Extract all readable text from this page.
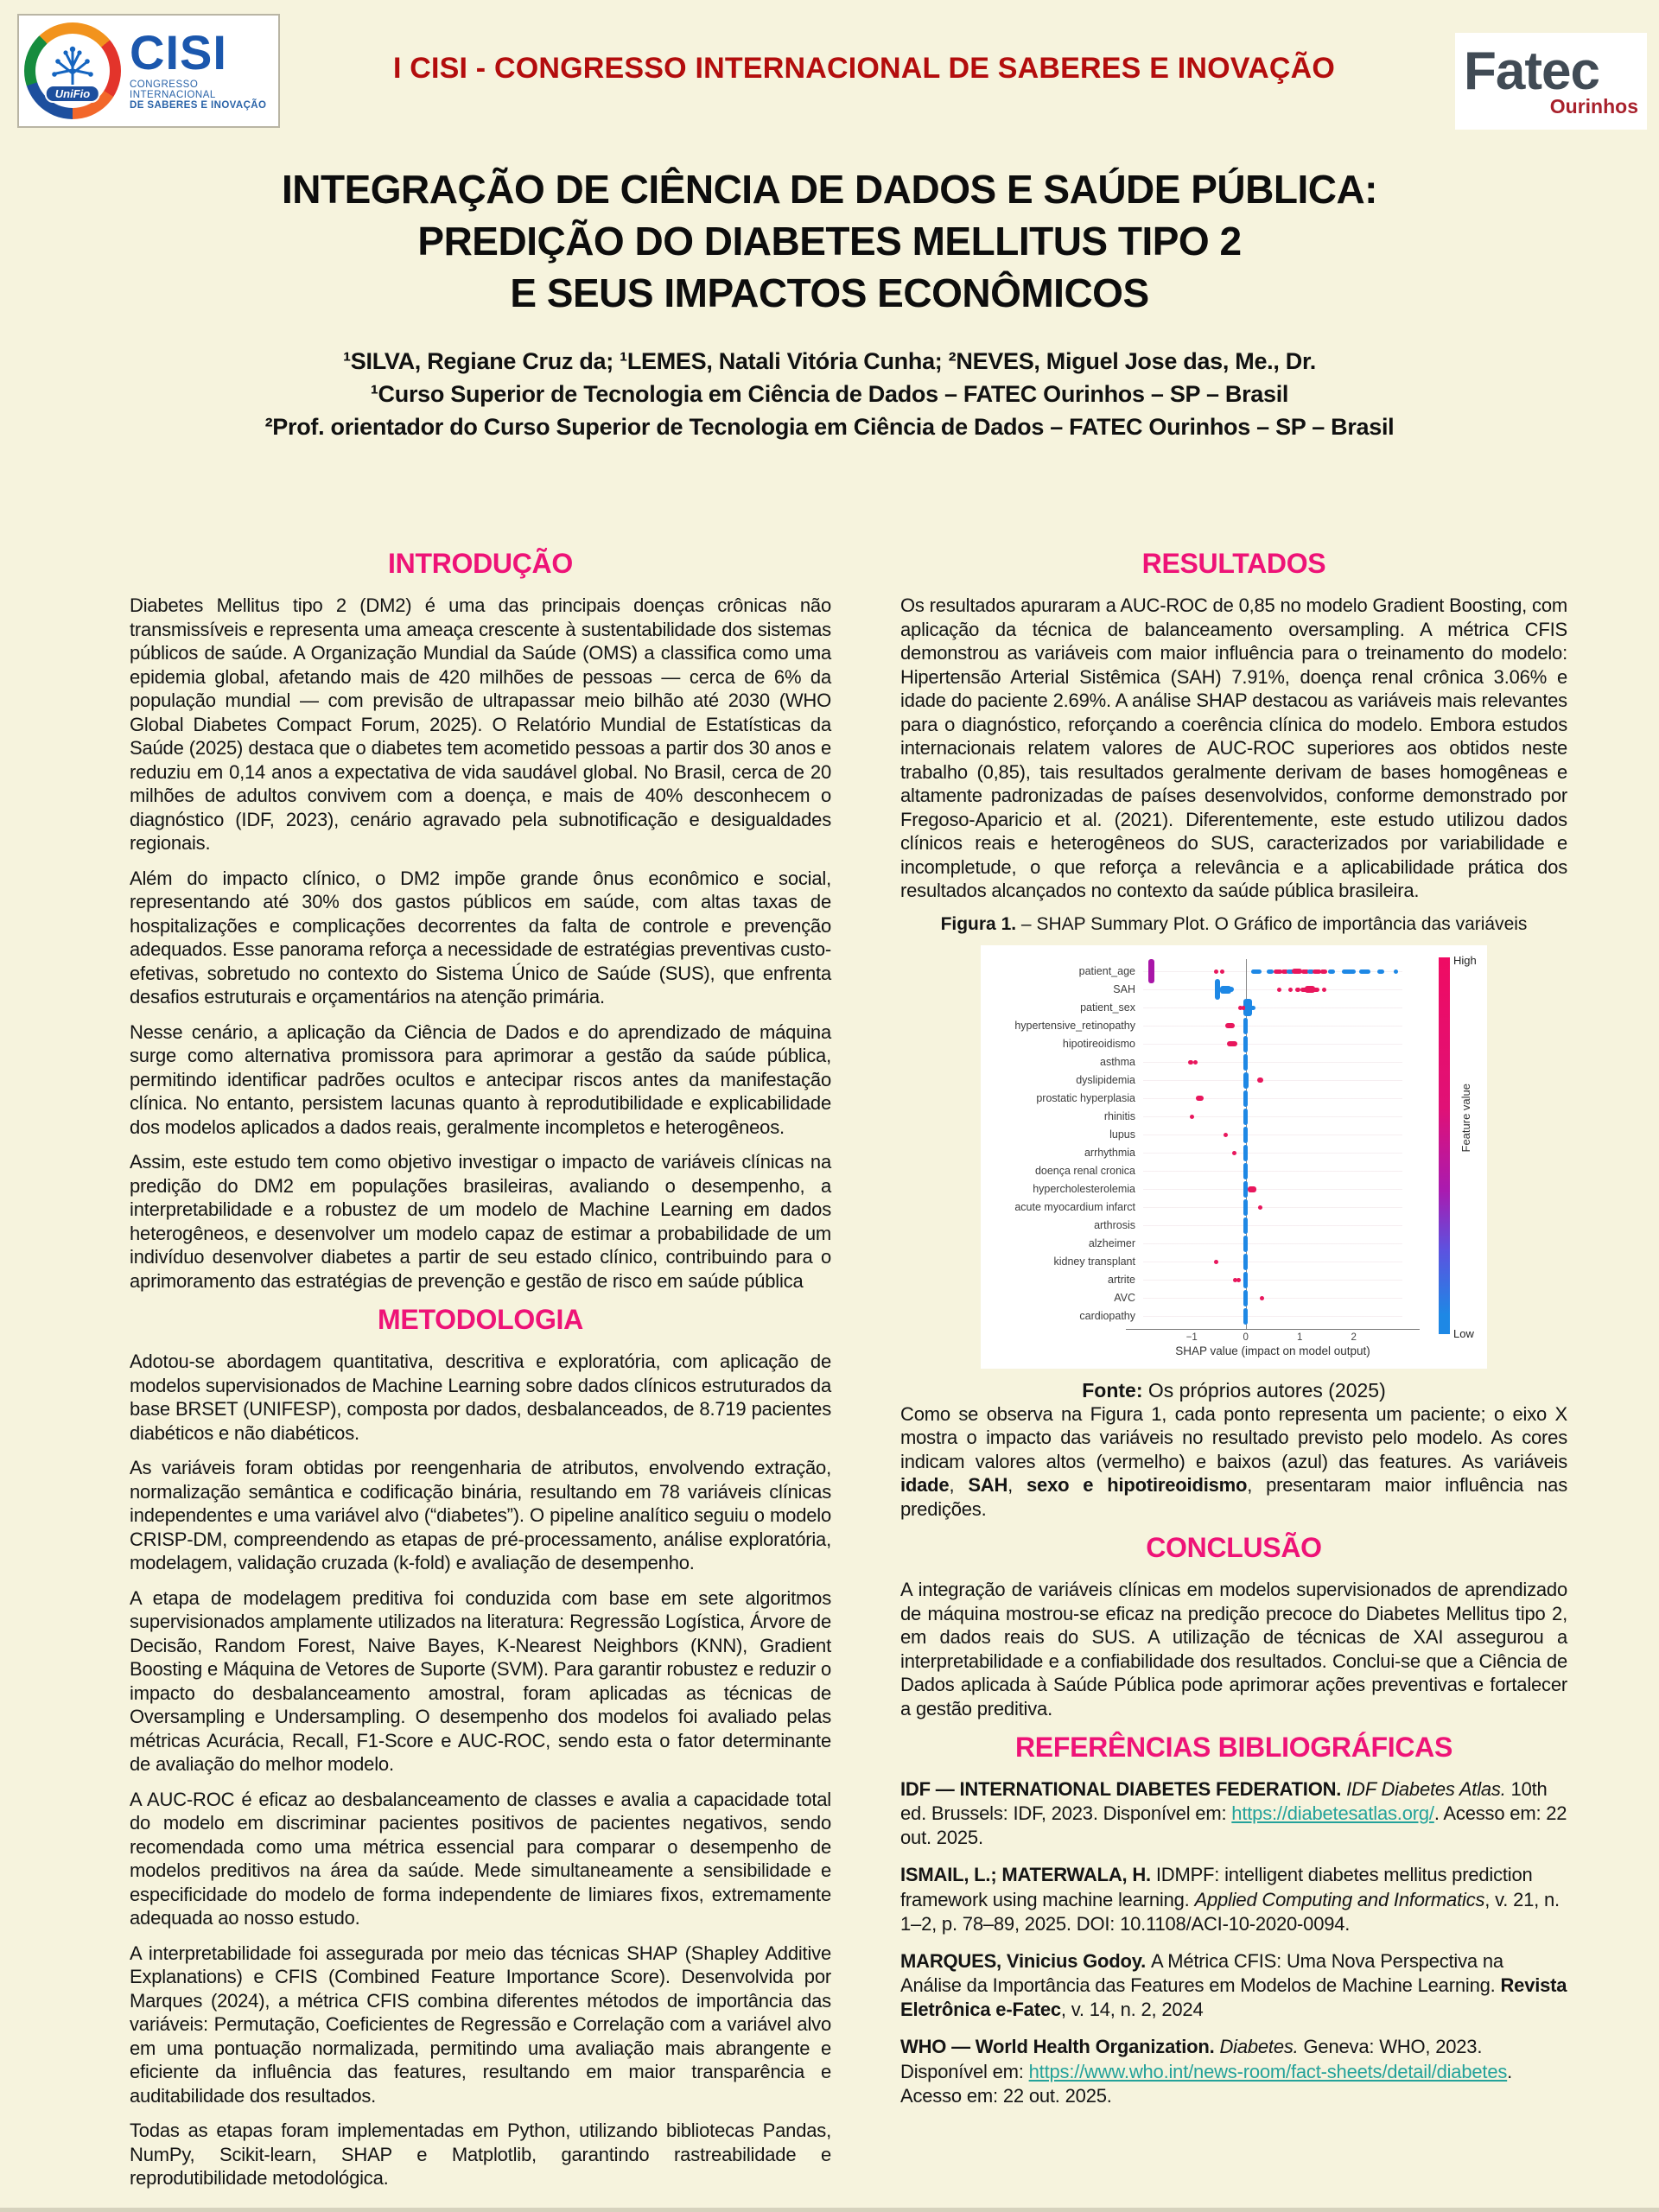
UniFio
CISI
CONGRESSO INTERNACIONAL
DE SABERES E INOVAÇÃO
I CISI - CONGRESSO INTERNACIONAL DE SABERES E INOVAÇÃO	Fatec
Ourinhos
INTEGRAÇÃO DE CIÊNCIA DE DADOS E SAÚDE PÚBLICA:
PREDIÇÃO DO DIABETES MELLITUS TIPO 2
E SEUS IMPACTOS ECONÔMICOS
¹SILVA, Regiane Cruz da; ¹LEMES, Natali Vitória Cunha; ²NEVES, Miguel Jose das, Me., Dr.
¹Curso Superior de Tecnologia em Ciência de Dados – FATEC Ourinhos – SP – Brasil
²Prof. orientador do Curso Superior de Tecnologia em Ciência de Dados – FATEC Ourinhos – SP – Brasil
INTRODUÇÃO

Diabetes Mellitus tipo 2 (DM2) é uma das principais doenças crônicas não transmissíveis e representa uma ameaça crescente à sustentabilidade dos sistemas públicos de saúde. A Organização Mundial da Saúde (OMS) a classifica como uma epidemia global, afetando mais de 420 milhões de pessoas — cerca de 6% da população mundial — com previsão de ultrapassar meio bilhão até 2030 (WHO Global Diabetes Compact Forum, 2025). O Relatório Mundial de Estatísticas da Saúde (2025) destaca que o diabetes tem acometido pessoas a partir dos 30 anos e reduziu em 0,14 anos a expectativa de vida saudável global. No Brasil, cerca de 20 milhões de adultos convivem com a doença, e mais de 40% desconhecem o diagnóstico (IDF, 2023), cenário agravado pela subnotificação e desigualdades regionais.

Além do impacto clínico, o DM2 impõe grande ônus econômico e social, representando até 30% dos gastos públicos em saúde, com altas taxas de hospitalizações e complicações decorrentes da falta de controle e prevenção adequados. Esse panorama reforça a necessidade de estratégias preventivas custo-efetivas, sobretudo no contexto do Sistema Único de Saúde (SUS), que enfrenta desafios estruturais e orçamentários na atenção primária.

Nesse cenário, a aplicação da Ciência de Dados e do aprendizado de máquina surge como alternativa promissora para aprimorar a gestão da saúde pública, permitindo identificar padrões ocultos e antecipar riscos antes da manifestação clínica. No entanto, persistem lacunas quanto à reprodutibilidade e explicabilidade dos modelos aplicados a dados reais, geralmente incompletos e heterogêneos.

Assim, este estudo tem como objetivo investigar o impacto de variáveis clínicas na predição do DM2 em populações brasileiras, avaliando o desempenho, a interpretabilidade e a robustez de um modelo de Machine Learning em dados heterogêneos, e desenvolver um modelo capaz de estimar a probabilidade de um indivíduo desenvolver diabetes a partir de seu estado clínico, contribuindo para o aprimoramento das estratégias de prevenção e gestão de risco em saúde pública

METODOLOGIA

Adotou-se abordagem quantitativa, descritiva e exploratória, com aplicação de modelos supervisionados de Machine Learning sobre dados clínicos estruturados da base BRSET (UNIFESP), composta por dados, desbalanceados, de 8.719 pacientes diabéticos e não diabéticos.

As variáveis foram obtidas por reengenharia de atributos, envolvendo extração, normalização semântica e codificação binária, resultando em 78 variáveis clínicas independentes e uma variável alvo (“diabetes”). O pipeline analítico seguiu o modelo CRISP-DM, compreendendo as etapas de pré-processamento, análise exploratória, modelagem, validação cruzada (k-fold) e avaliação de desempenho.

A etapa de modelagem preditiva foi conduzida com base em sete algoritmos supervisionados amplamente utilizados na literatura: Regressão Logística, Árvore de Decisão, Random Forest, Naive Bayes, K-Nearest Neighbors (KNN), Gradient Boosting e Máquina de Vetores de Suporte (SVM). Para garantir robustez e reduzir o impacto do desbalanceamento amostral, foram aplicadas as técnicas de Oversampling e Undersampling. O desempenho dos modelos foi avaliado pelas métricas Acurácia, Recall, F1-Score e AUC-ROC, sendo esta o fator determinante de avaliação do melhor modelo.

A AUC-ROC é eficaz ao desbalanceamento de classes e avalia a capacidade total do modelo em discriminar pacientes positivos de pacientes negativos, sendo recomendada como uma métrica essencial para comparar o desempenho de modelos preditivos na área da saúde. Mede simultaneamente a sensibilidade e especificidade do modelo de forma independente de limiares fixos, extremamente adequada ao nosso estudo.

A interpretabilidade foi assegurada por meio das técnicas SHAP (Shapley Additive Explanations) e CFIS (Combined Feature Importance Score). Desenvolvida por Marques (2024), a métrica CFIS combina diferentes métodos de importância das variáveis: Permutação, Coeficientes de Regressão e Correlação com a variável alvo em uma pontuação normalizada, permitindo uma avaliação mais abrangente e eficiente da influência das features, resultando em maior transparência e auditabilidade dos resultados.

Todas as etapas foram implementadas em Python, utilizando bibliotecas Pandas, NumPy, Scikit-learn, SHAP e Matplotlib, garantindo rastreabilidade e reprodutibilidade metodológica.

RESULTADOS

Os resultados apuraram a AUC-ROC de 0,85 no modelo Gradient Boosting, com aplicação da técnica de balanceamento oversampling. A métrica CFIS demonstrou as variáveis com maior influência para o treinamento do modelo: Hipertensão Arterial Sistêmica (SAH) 7.91%, doença renal crônica 3.06% e idade do paciente 2.69%. A análise SHAP destacou as variáveis mais relevantes para o diagnóstico, reforçando a coerência clínica do modelo. Embora estudos internacionais relatem valores de AUC-ROC superiores aos obtidos neste trabalho (0,85), tais resultados geralmente derivam de bases homogêneas e altamente padronizadas de países desenvolvidos, conforme demonstrado por Fregoso-Aparicio et al. (2021). Diferentemente, este estudo utilizou dados clínicos reais e heterogêneos do SUS, caracterizados por variabilidade e incompletude, o que reforça a relevância e a aplicabilidade prática dos resultados alcançados no contexto da saúde pública brasileira.

Figura 1. – SHAP Summary Plot. O Gráfico de importância das variáveis
patient_age
SAH
patient_sex
hypertensive_retinopathy
hipotireoidismo
asthma
dyslipidemia
prostatic hyperplasia
rhinitis
lupus
arrhythmia
doença renal cronica
hypercholesterolemia
acute myocardium infarct
arthrosis
alzheimer
kidney transplant
artrite
AVC
cardiopathy
High
Low
Feature value
−1	0	1	2
SHAP value (impact on model output)
Fonte: Os próprios autores (2025)

Como se observa na Figura 1, cada ponto representa um paciente; o eixo X mostra o impacto das variáveis no resultado previsto pelo modelo. As cores indicam valores altos (vermelho) e baixos (azul) das features. As variáveis idade, SAH, sexo e hipotireoidismo, presentaram maior influência nas predições.

CONCLUSÃO

A integração de variáveis clínicas em modelos supervisionados de aprendizado de máquina mostrou-se eficaz na predição precoce do Diabetes Mellitus tipo 2, em dados reais do SUS. A utilização de técnicas de XAI assegurou a interpretabilidade e a confiabilidade dos resultados. Conclui-se que a Ciência de Dados aplicada à Saúde Pública pode aprimorar ações preventivas e fortalecer a gestão preditiva.

REFERÊNCIAS BIBLIOGRÁFICAS

IDF — INTERNATIONAL DIABETES FEDERATION. IDF Diabetes Atlas. 10th ed. Brussels: IDF, 2023. Disponível em: https://diabetesatlas.org/. Acesso em: 22 out. 2025.

ISMAIL, L.; MATERWALA, H. IDMPF: intelligent diabetes mellitus prediction framework using machine learning. Applied Computing and Informatics, v. 21, n. 1–2, p. 78–89, 2025. DOI: 10.1108/ACI-10-2020-0094.

MARQUES, Vinicius Godoy. A Métrica CFIS: Uma Nova Perspectiva na Análise da Importância das Features em Modelos de Machine Learning. Revista Eletrônica e-Fatec, v. 14, n. 2, 2024

WHO — World Health Organization. Diabetes. Geneva: WHO, 2023. Disponível em: https://www.who.int/news-room/fact-sheets/detail/diabetes. Acesso em: 22 out. 2025.
